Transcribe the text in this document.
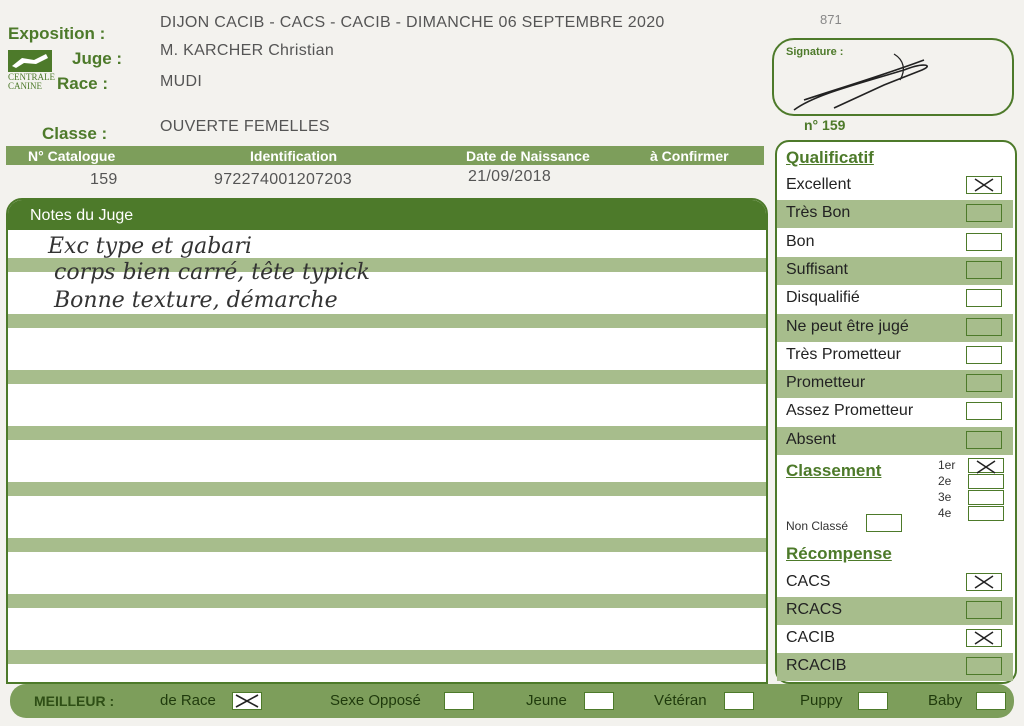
Exposition :
CENTRALE
CANINE
Juge :
Race :
Classe :
DIJON CACIB - CACS - CACIB - DIMANCHE 06 SEPTEMBRE 2020
M. KARCHER Christian
MUDI
OUVERTE FEMELLES
871
Signature :
n° 159
N° Catalogue	Identification	Date de Naissance	à Confirmer
159	972274001207203	21/09/2018
Notes du Juge
Exc type et gabari
corps bien carré, tête typick
Bonne texture, démarche
Qualificatif
Excellent
Très Bon
Bon
Suffisant
Disqualifié
Ne peut être jugé
Très Prometteur
Prometteur
Assez Prometteur
Absent
Classement	1er
2e
3e
4e
Non Classé
Récompense
CACS
RCACS
CACIB
RCACIB
MEILLEUR :	de Race	Sexe Opposé	Jeune	Vétéran	Puppy	Baby
